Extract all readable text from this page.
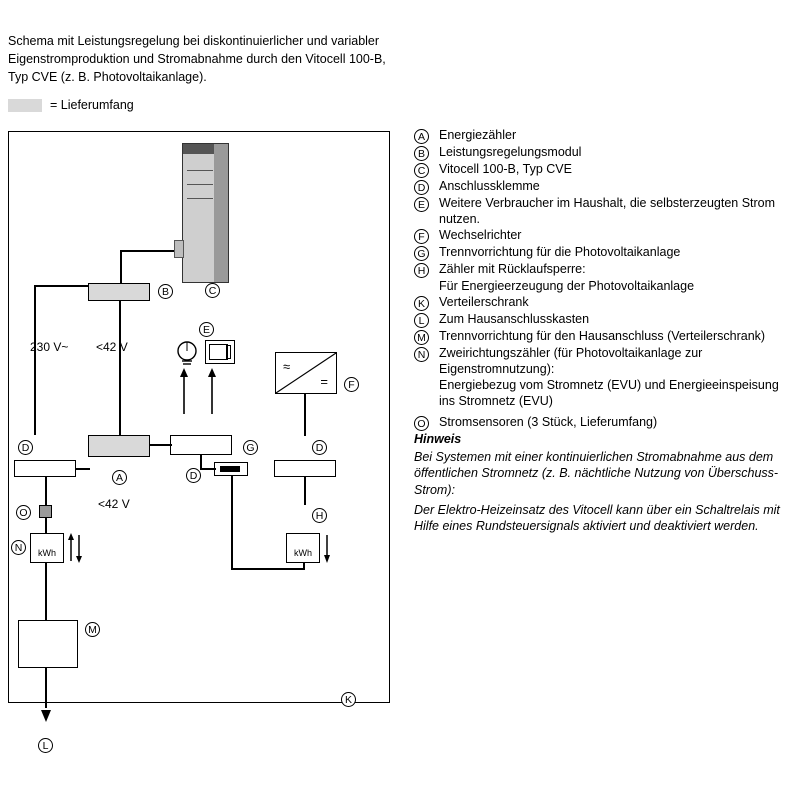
Schema mit Leistungsregelung bei diskontinuierlicher und variabler Eigenstromproduktion und Stromabnahme durch den Vitocell 100-B, Typ CVE (z. B. Photovoltaikanlage).
= Lieferumfang
C
B
230 V~ <42 V
E
≈
=	F
A
<42 V
D
D
D
G
O
kWh
N	kWh
H
M
L
K
A	Energiezähler
B	Leistungsregelungsmodul
C Vitocell 100-B, Typ CVE
D Anschlussklemme
E	Weitere Verbraucher im Haushalt, die selbsterzeugten Strom nutzen.
F	Wechselrichter
G Trennvorrichtung für die Photovoltaikanlage
H Zähler mit Rücklaufsperre:
Für Energieerzeugung der Photovoltaikanlage
K	Verteilerschrank
L	Zum Hausanschlusskasten
M Trennvorrichtung für den Hausanschluss (Verteilerschrank)
N Zweirichtungszähler (für Photovoltaikanlage zur Eigenstromnutzung):
Energiebezug vom Stromnetz (EVU) und Energieeinspeisung ins Stromnetz (EVU)
O Stromsensoren (3 Stück, Lieferumfang)
Hinweis
Bei Systemen mit einer kontinuierlichen Stromabnahme aus dem öffentlichen Stromnetz (z. B. nächtliche Nutzung von Überschuss-Strom):
Der Elektro-Heizeinsatz des Vitocell kann über ein Schaltrelais mit Hilfe eines Rundsteuersignals aktiviert und deaktiviert werden.
